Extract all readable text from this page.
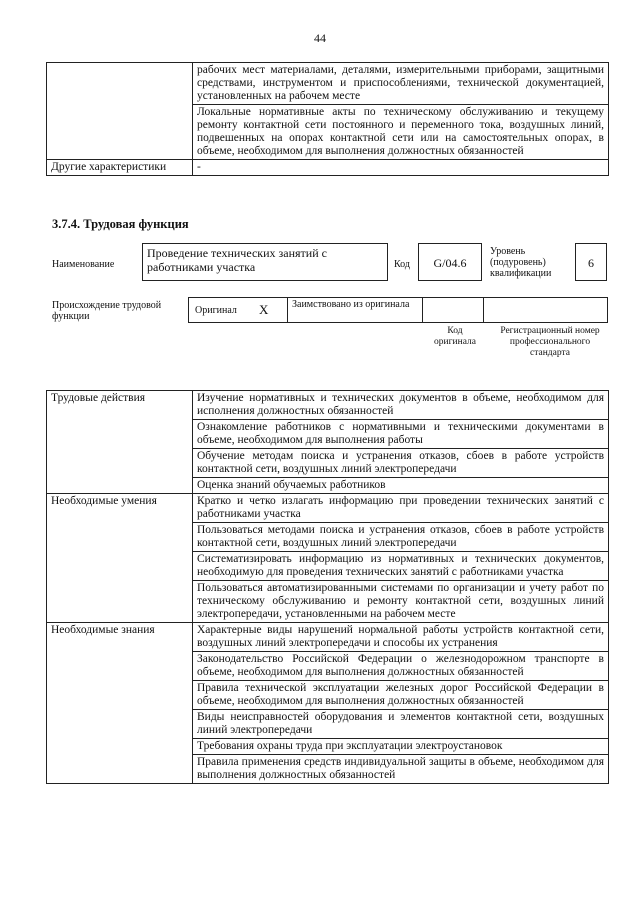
44
	рабочих мест материалами, деталями, измерительными приборами, защитными средствами, инструментом и приспособлениями, технической документацией, установленных на рабочем месте
	Локальные нормативные акты по техническому обслуживанию и текущему ремонту контактной сети постоянного и переменного тока, воздушных линий, подвешенных на опорах контактной сети или на самостоятельных опорах, в объеме, необходимом для выполнения должностных обязанностей
Другие характеристики	-
3.7.4. Трудовая функция
Наименование
Проведение технических занятий с работниками участка	Код	G/04.6
Уровень (подуровень) квалификации
6
Происхождение трудовой функции
Оригинал X Заимствовано из оригинала
Код оригинала
Регистрационный номер профессионального стандарта
Трудовые действия	Изучение нормативных и технических документов в объеме, необходимом для исполнения должностных обязанностей
	Ознакомление работников с нормативными и техническими документами в объеме, необходимом для выполнения работы
	Обучение методам поиска и устранения отказов, сбоев в работе устройств контактной сети, воздушных линий электропередачи
	Оценка знаний обучаемых работников
Необходимые умения	Кратко и четко излагать информацию при проведении технических занятий с работниками участка
	Пользоваться методами поиска и устранения отказов, сбоев в работе устройств контактной сети, воздушных линий электропередачи
	Систематизировать информацию из нормативных и технических документов, необходимую для проведения технических занятий с работниками участка
	Пользоваться автоматизированными системами по организации и учету работ по техническому обслуживанию и ремонту контактной сети, воздушных линий электропередачи, установленными на рабочем месте
Необходимые знания	Характерные виды нарушений нормальной работы устройств контактной сети, воздушных линий электропередачи и способы их устранения
	Законодательство Российской Федерации о железнодорожном транспорте в объеме, необходимом для выполнения должностных обязанностей
	Правила технической эксплуатации железных дорог Российской Федерации в объеме, необходимом для выполнения должностных обязанностей
	Виды неисправностей оборудования и элементов контактной сети, воздушных линий электропередачи
	Требования охраны труда при эксплуатации электроустановок
	Правила применения средств индивидуальной защиты в объеме, необходимом для выполнения должностных обязанностей
